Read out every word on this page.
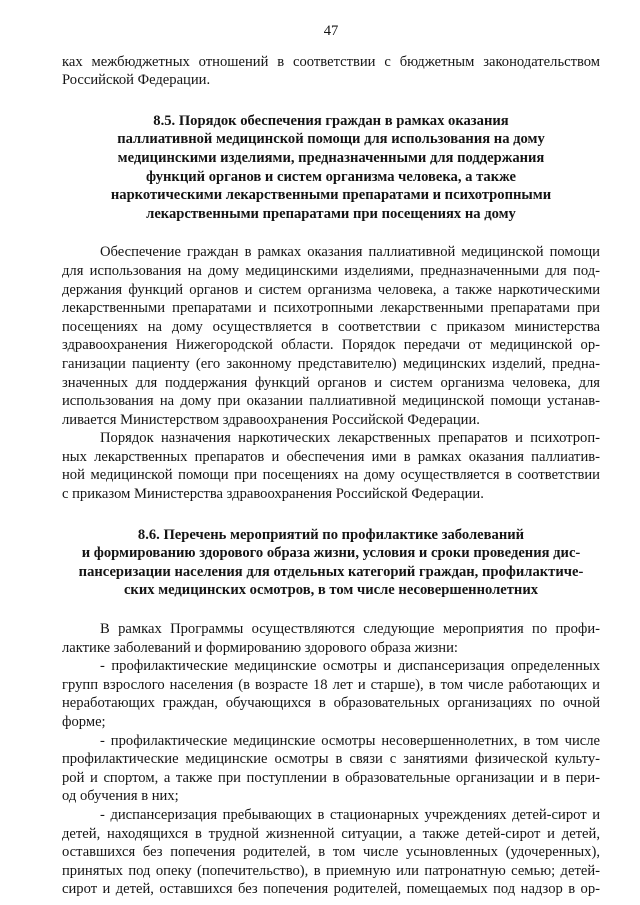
47
ках межбюджетных отношений в соответствии с бюджетным законодательством
Российской Федерации.
8.5. Порядок обеспечения граждан в рамках оказания
паллиативной медицинской помощи для использования на дому
медицинскими изделиями, предназначенными для поддержания
функций органов и систем организма человека, а также
наркотическими лекарственными препаратами и психотропными
лекарственными препаратами при посещениях на дому
Обеспечение граждан в рамках оказания паллиативной медицинской помощи
для использования на дому медицинскими изделиями, предназначенными для под-
держания функций органов и систем организма человека, а также наркотическими
лекарственными препаратами и психотропными лекарственными препаратами при
посещениях на дому осуществляется в соответствии с приказом министерства
здравоохранения Нижегородской области. Порядок передачи от медицинской ор-
ганизации пациенту (его законному представителю) медицинских изделий, предна-
значенных для поддержания функций органов и систем организма человека, для
использования на дому при оказании паллиативной медицинской помощи устанав-
ливается Министерством здравоохранения Российской Федерации.
Порядок назначения наркотических лекарственных препаратов и психотроп-
ных лекарственных препаратов и обеспечения ими в рамках оказания паллиатив-
ной медицинской помощи при посещениях на дому осуществляется в соответствии
с приказом Министерства здравоохранения Российской Федерации.
8.6. Перечень мероприятий по профилактике заболеваний
и формированию здорового образа жизни, условия и сроки проведения дис-
пансеризации населения для отдельных категорий граждан, профилактиче-
ских медицинских осмотров, в том числе несовершеннолетних
В рамках Программы осуществляются следующие мероприятия по профи-
лактике заболеваний и формированию здорового образа жизни:
- профилактические медицинские осмотры и диспансеризация определенных
групп взрослого населения (в возрасте 18 лет и старше), в том числе работающих и
неработающих граждан, обучающихся в образовательных организациях по очной
форме;
- профилактические медицинские осмотры несовершеннолетних, в том числе
профилактические медицинские осмотры в связи с занятиями физической культу-
рой и спортом, а также при поступлении в образовательные организации и в пери-
од обучения в них;
- диспансеризация пребывающих в стационарных учреждениях детей-сирот и
детей, находящихся в трудной жизненной ситуации, а также детей-сирот и детей,
оставшихся без попечения родителей, в том числе усыновленных (удочеренных),
принятых под опеку (попечительство), в приемную или патронатную семью; детей-
сирот и детей, оставшихся без попечения родителей, помещаемых под надзор в ор-
